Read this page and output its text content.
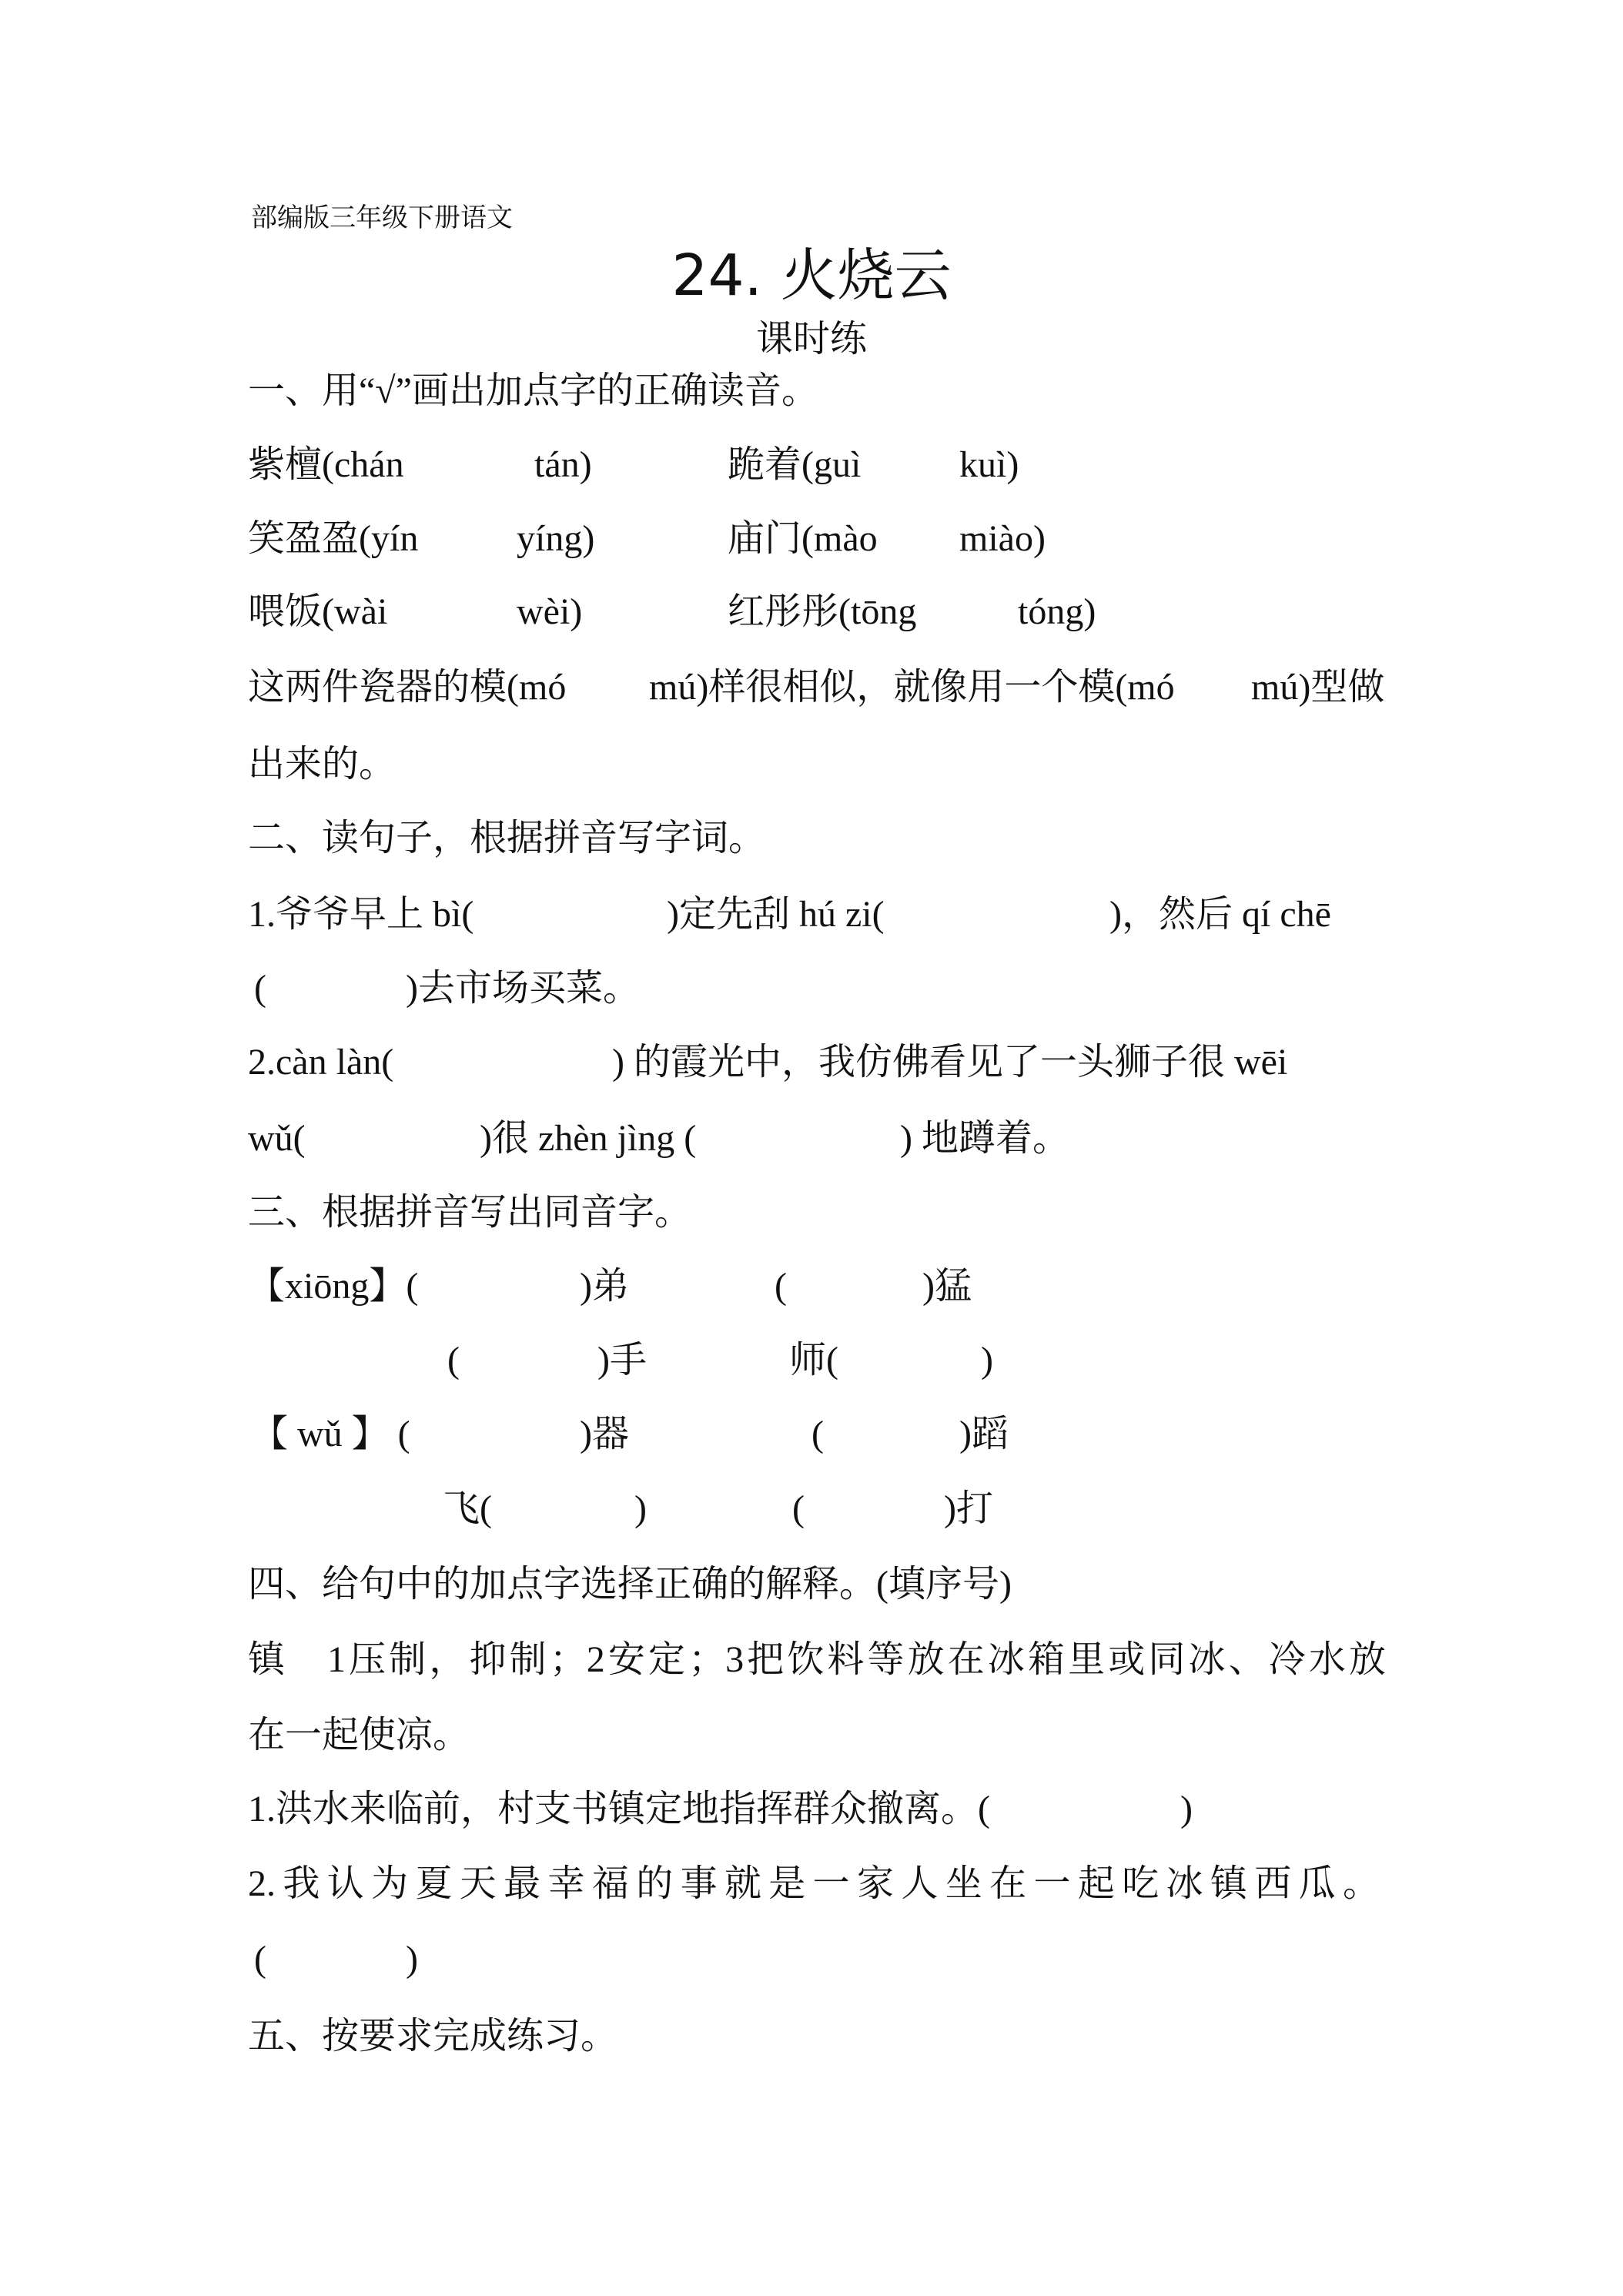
部编版三年级下册语文
24. 火烧云
课时练
一、用“√”画出加点字的正确读音。
紫檀(chán	tán)	跪着(guì	kuì)
笑盈盈(yín	yíng)	庙门(mào miào)
喂饭(wài	wèi)	红彤彤(tōng	tóng)
这两件瓷器的模(mó mú)样很相似，就像用一个模(mó mú)型做
出来的。
二、读句子，根据拼音写字词。
1.爷爷早上 bì(	)定先刮 hú zi(	)，然后 qí chē
(	)去市场买菜。
2.càn làn(	) 的霞光中，我仿佛看见了一头狮子很 wēi
wǔ(	)很 zhèn jìng (	) 地蹲着。
三、根据拼音写出同音字。
【xiōng】(	)弟	(	)猛
(	)手	师(	)
【 wǔ 】 (	)器	(	)蹈
飞(	)	(	)打
四、给句中的加点字选择正确的解释。(填序号)
镇 1压制，抑制；2安定；3把饮料等放在冰箱里或同冰、冷水放
在一起使凉。
1.洪水来临前，村支书镇定地指挥群众撤离。(	)
2.我认为夏天最幸福的事就是一家人坐在一起吃冰镇西瓜。
(	)
五、按要求完成练习。
